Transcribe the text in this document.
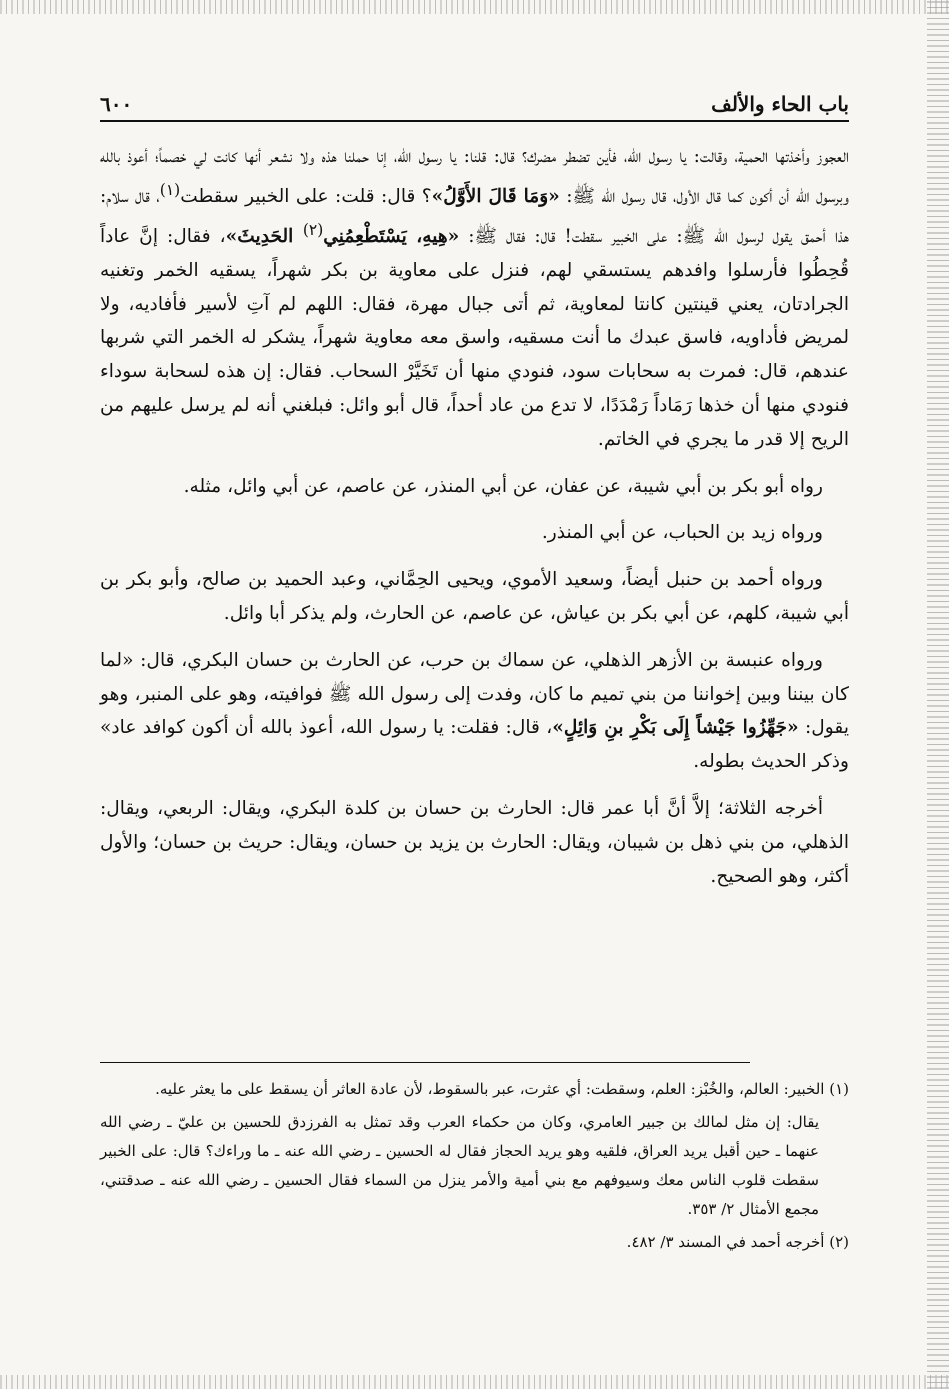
باب الحاء والألف
٦٠٠

العجوز وأخذتها الحمية، وقالت: يا رسول الله، فأين تضطر مضرك؟ قال: قلنا: يا رسول الله، إنا حملنا هذه ولا نشعر أنها كانت لي خصماً؛ أعوذ بالله وبرسول الله أن أكون كما قال الأول، قال رسول الله ﷺ: «وَمَا قَالَ الأَوَّلُ»؟ قال: قلت: على الخبير سقطت$^{(١)}$، قال سلام: هذا أحمق يقول لرسول الله ﷺ: على الخبير سقطت! قال: فقال ﷺ: «هِيهِ، يَسْتَطْعِمُنِي$^{(٢)}$ الحَدِيثَ»، فقال: إنَّ عاداً قُحِطُوا فأرسلوا وافدهم يستسقي لهم، فنزل على معاوية بن بكر شهراً، يسقيه الخمر وتغنيه الجرادتان، يعني قينتين كانتا لمعاوية، ثم أتى جبال مهرة، فقال: اللهم لم آتِ لأسير فأفاديه، ولا لمريض فأداويه، فاسق عبدك ما أنت مسقيه، واسق معه معاوية شهراً، يشكر له الخمر التي شربها عندهم، قال: فمرت به سحابات سود، فنودي منها أن تَخَيَّرْ السحاب. فقال: إن هذه لسحابة سوداء فنودي منها أن خذها رَمَاداً رَمْدَدًا، لا تدع من عاد أحداً، قال أبو وائل: فبلغني أنه لم يرسل عليهم من الريح إلا قدر ما يجري في الخاتم.

رواه أبو بكر بن أبي شيبة، عن عفان، عن أبي المنذر، عن عاصم، عن أبي وائل، مثله.

ورواه زيد بن الحباب، عن أبي المنذر.

ورواه أحمد بن حنبل أيضاً، وسعيد الأموي، ويحيى الحِمَّاني، وعبد الحميد بن صالح، وأبو بكر بن أبي شيبة، كلهم، عن أبي بكر بن عياش، عن عاصم، عن الحارث، ولم يذكر أبا وائل.

ورواه عنبسة بن الأزهر الذهلي، عن سماك بن حرب، عن الحارث بن حسان البكري، قال: «لما كان بيننا وبين إخواننا من بني تميم ما كان، وفدت إلى رسول الله ﷺ فوافيته، وهو على المنبر، وهو يقول: «جَهِّزُوا جَيْشاً إِلَى بَكْرِ بنِ وَائِلٍ»، قال: فقلت: يا رسول الله، أعوذ بالله أن أكون كوافد عاد» وذكر الحديث بطوله.

أخرجه الثلاثة؛ إلاَّ أنَّ أبا عمر قال: الحارث بن حسان بن كلدة البكري، ويقال: الربعي، ويقال: الذهلي، من بني ذهل بن شيبان، ويقال: الحارث بن يزيد بن حسان، ويقال: حريث بن حسان؛ والأول أكثر، وهو الصحيح.

(١) الخبير: العالم، والخُبْز: العلم، وسقطت: أي عثرت، عبر بالسقوط، لأن عادة العاثر أن يسقط على ما يعثر عليه.

يقال: إن مثل لمالك بن جبير العامري، وكان من حكماء العرب وقد تمثل به الفرزدق للحسين بن عليّ ـ رضي الله عنهما ـ حين أقبل يريد العراق، فلقيه وهو يريد الحجاز فقال له الحسين ـ رضي الله عنه ـ ما وراءك؟ قال: على الخبير سقطت قلوب الناس معك وسيوفهم مع بني أمية والأمر ينزل من السماء فقال الحسين ـ رضي الله عنه ـ صدقتني، مجمع الأمثال ٢/ ٣٥٣.

(٢) أخرجه أحمد في المسند ٣/ ٤٨٢.
